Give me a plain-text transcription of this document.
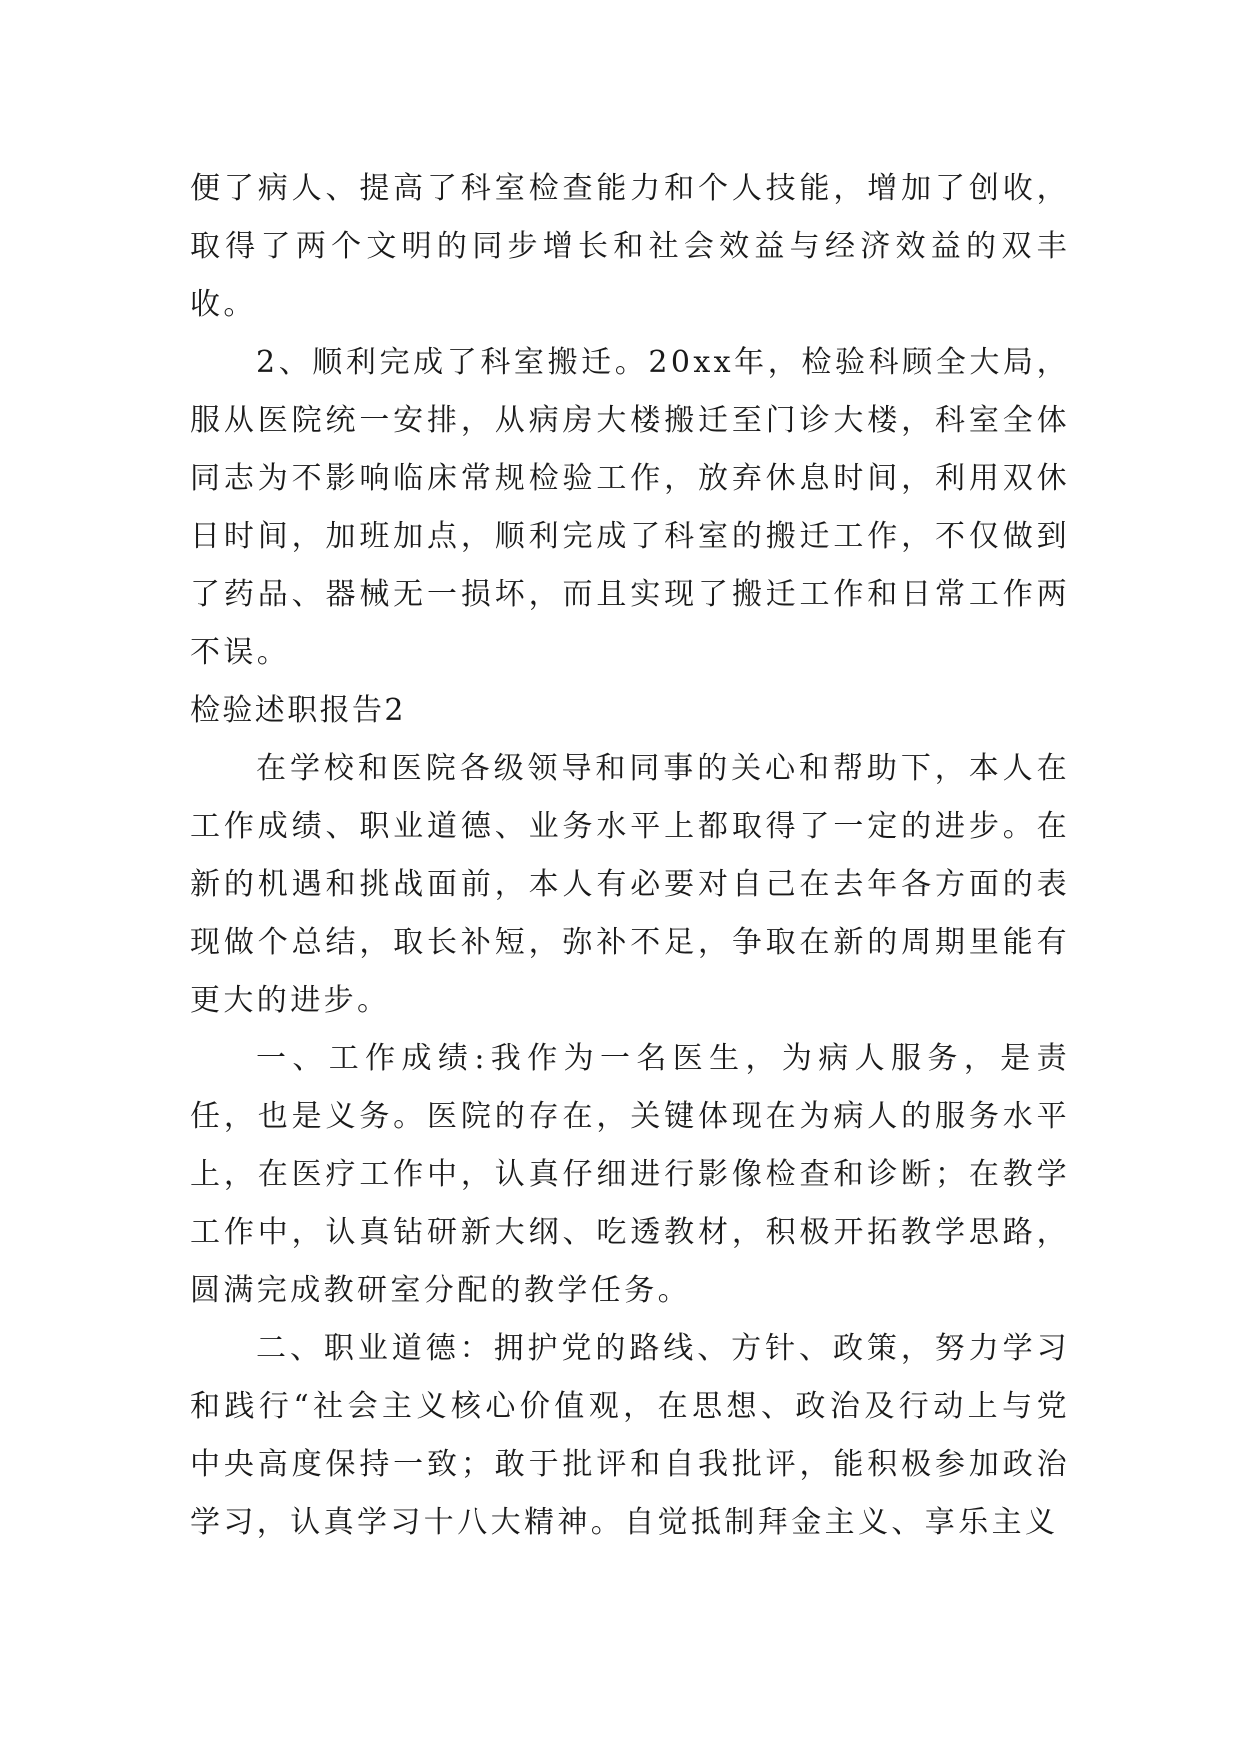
便了病人、提高了科室检查能力和个人技能，增加了创收，取得了两个文明的同步增长和社会效益与经济效益的双丰收。

2、顺利完成了科室搬迁。20xx年，检验科顾全大局，服从医院统一安排，从病房大楼搬迁至门诊大楼，科室全体同志为不影响临床常规检验工作，放弃休息时间，利用双休日时间，加班加点，顺利完成了科室的搬迁工作，不仅做到了药品、器械无一损坏，而且实现了搬迁工作和日常工作两不误。

检验述职报告2

在学校和医院各级领导和同事的关心和帮助下，本人在工作成绩、职业道德、业务水平上都取得了一定的进步。在新的机遇和挑战面前，本人有必要对自己在去年各方面的表现做个总结，取长补短，弥补不足，争取在新的周期里能有更大的进步。

一、工作成绩:我作为一名医生，为病人服务，是责任，也是义务。医院的存在，关键体现在为病人的服务水平上，在医疗工作中，认真仔细进行影像检查和诊断；在教学工作中，认真钻研新大纲、吃透教材，积极开拓教学思路，圆满完成教研室分配的教学任务。

二、职业道德：拥护党的路线、方针、政策，努力学习和践行“社会主义核心价值观，在思想、政治及行动上与党中央高度保持一致；敢于批评和自我批评，能积极参加政治学习，认真学习十八大精神。自觉抵制拜金主义、享乐主义
